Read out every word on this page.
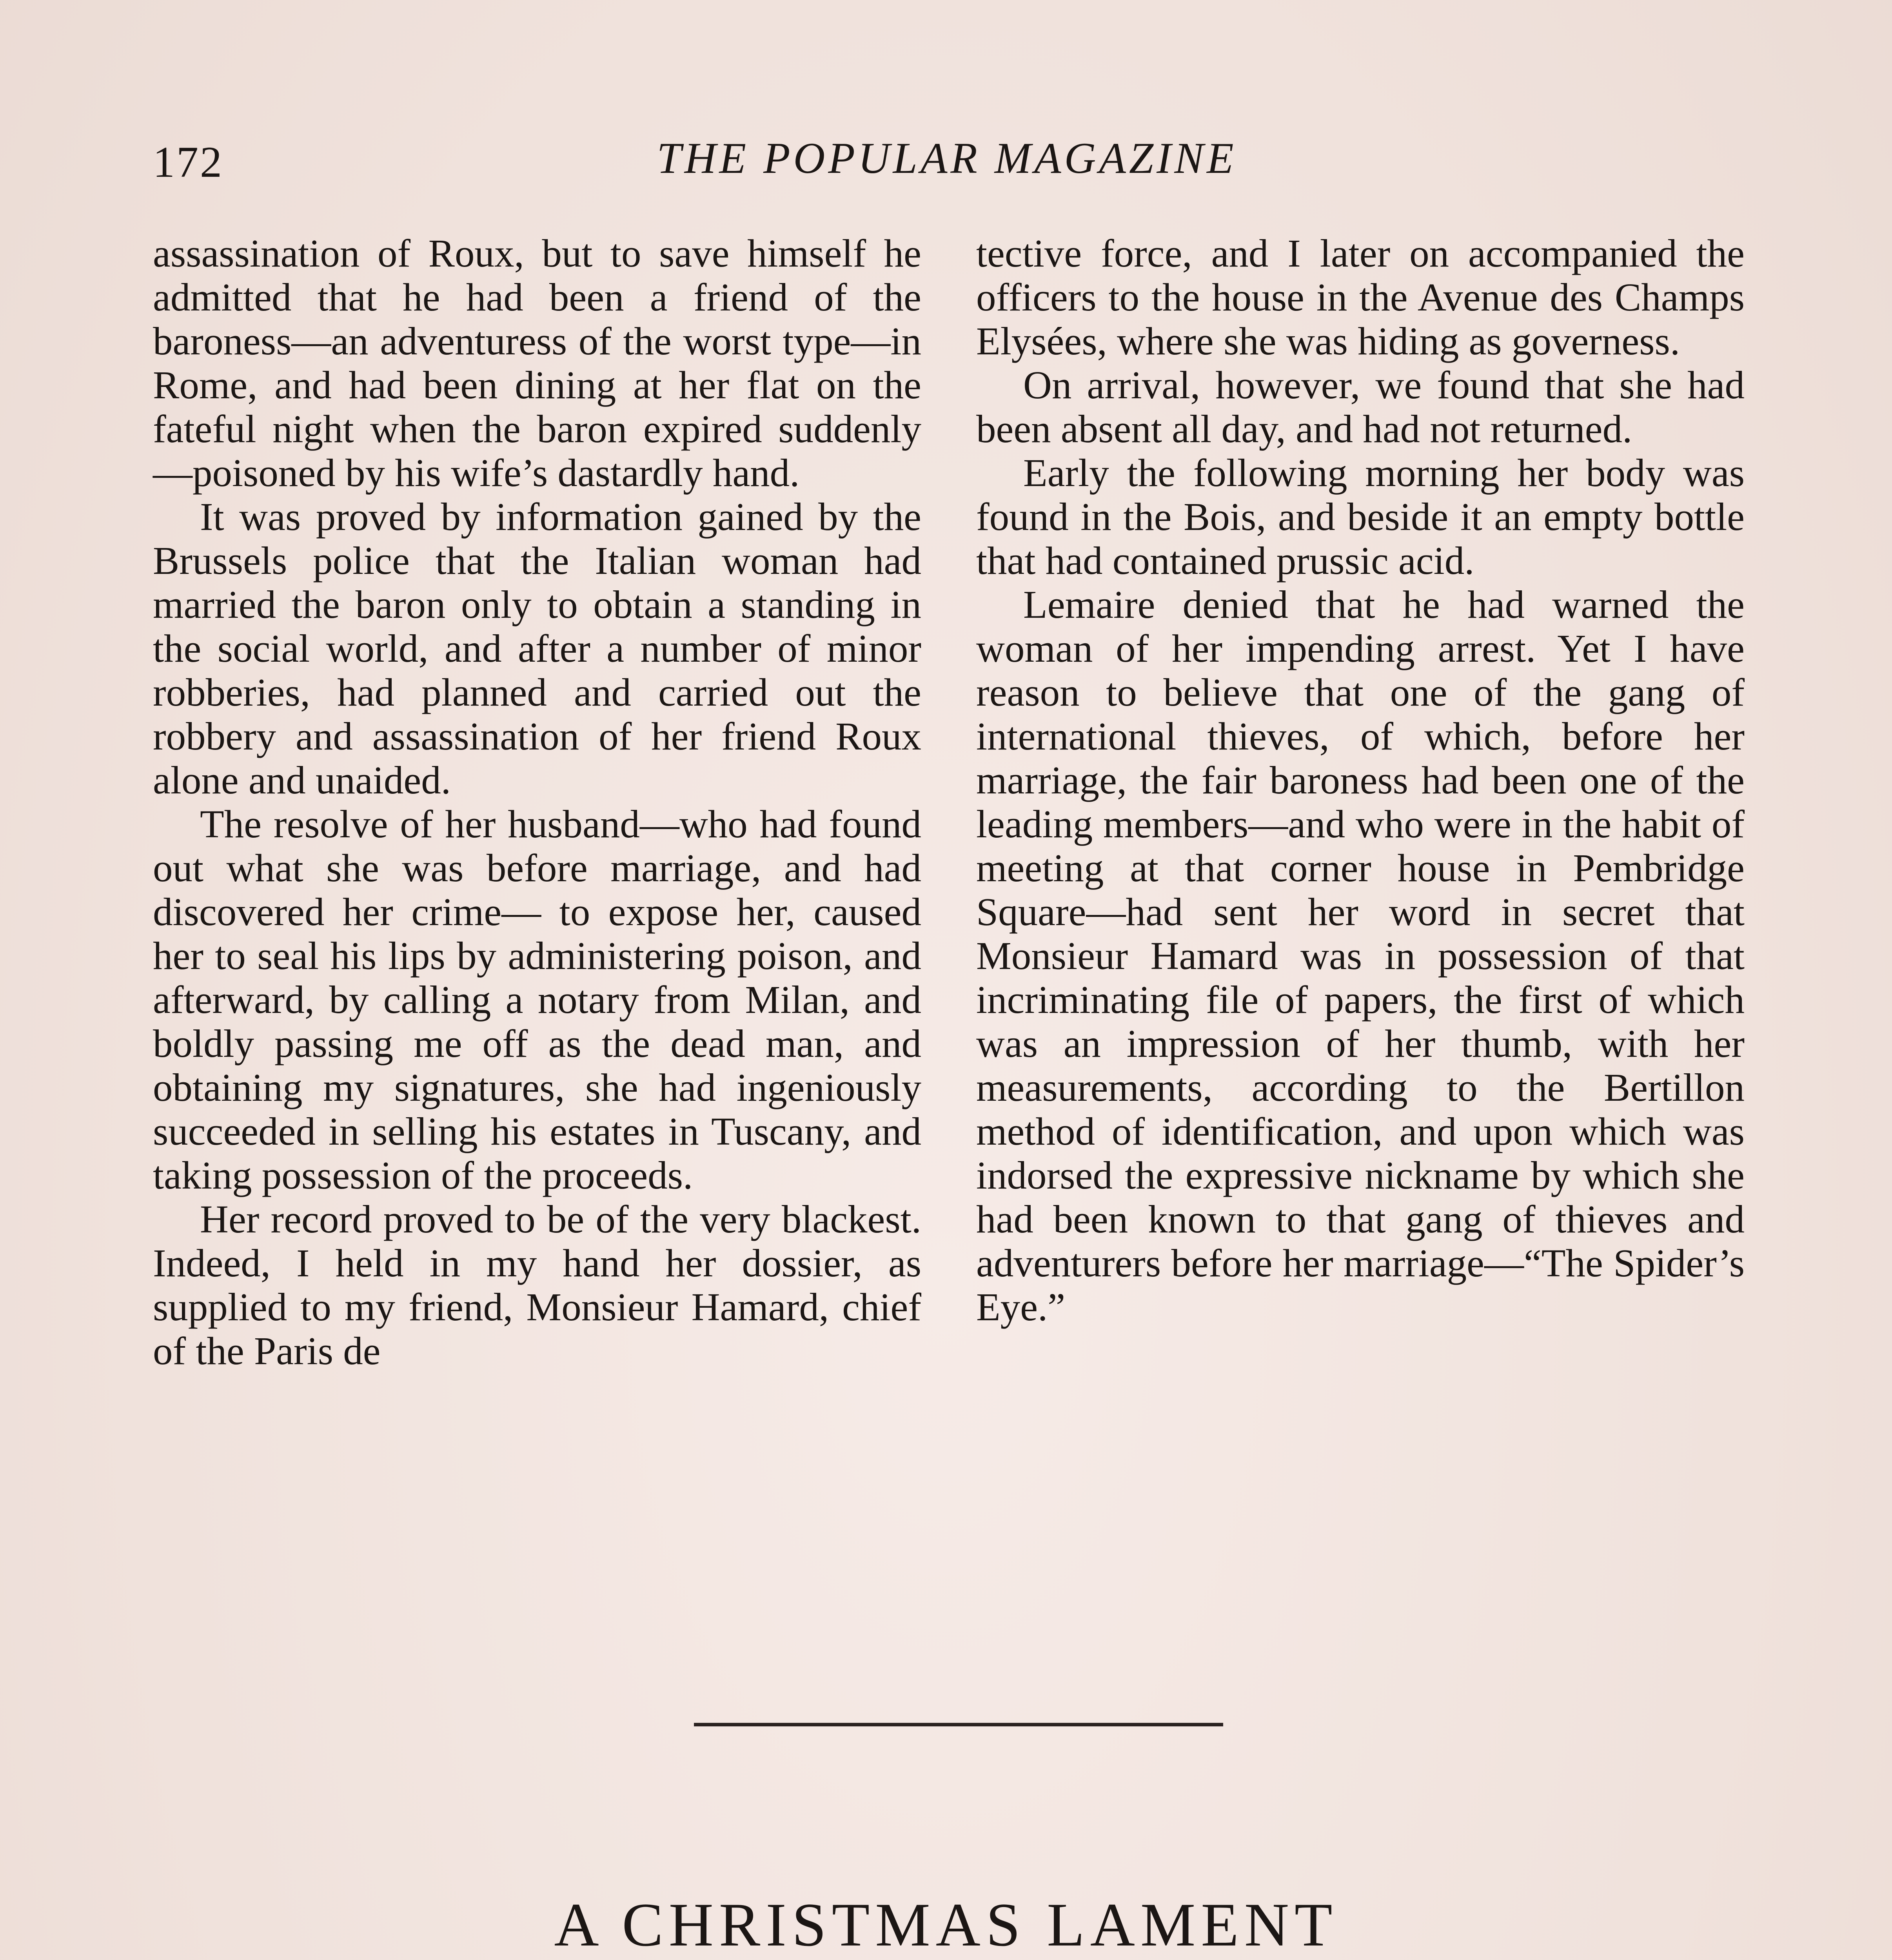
172	THE POPULAR MAGAZINE

assassination of Roux, but to save himself he admitted that he had been a friend of the baroness—an adventuress of the worst type—in Rome, and had been dining at her flat on the fateful night when the baron expired suddenly —poisoned by his wife’s dastardly hand.

It was proved by information gained by the Brussels police that the Italian woman had married the baron only to obtain a standing in the social world, and after a number of minor robberies, had planned and carried out the robbery and assassination of her friend Roux alone and unaided.

The resolve of her husband—who had found out what she was before marriage, and had discovered her crime— to expose her, caused her to seal his lips by administering poison, and afterward, by calling a notary from Milan, and boldly passing me off as the dead man, and obtaining my signatures, she had ingeniously succeeded in selling his estates in Tuscany, and taking possession of the proceeds.

Her record proved to be of the very blackest. Indeed, I held in my hand her dossier, as supplied to my friend, Monsieur Hamard, chief of the Paris de

tective force, and I later on accompanied the officers to the house in the Avenue des Champs Elysées, where she was hiding as governess.

On arrival, however, we found that she had been absent all day, and had not returned.

Early the following morning her body was found in the Bois, and beside it an empty bottle that had contained prussic acid.

Lemaire denied that he had warned the woman of her impending arrest. Yet I have reason to believe that one of the gang of international thieves, of which, before her marriage, the fair baroness had been one of the leading members—and who were in the habit of meeting at that corner house in Pembridge Square—had sent her word in secret that Monsieur Hamard was in possession of that incriminating file of papers, the first of which was an impression of her thumb, with her measurements, according to the Bertillon method of identification, and upon which was indorsed the expressive nickname by which she had been known to that gang of thieves and adventurers before her marriage—“The Spider’s Eye.”

A CHRISTMAS LAMENT
